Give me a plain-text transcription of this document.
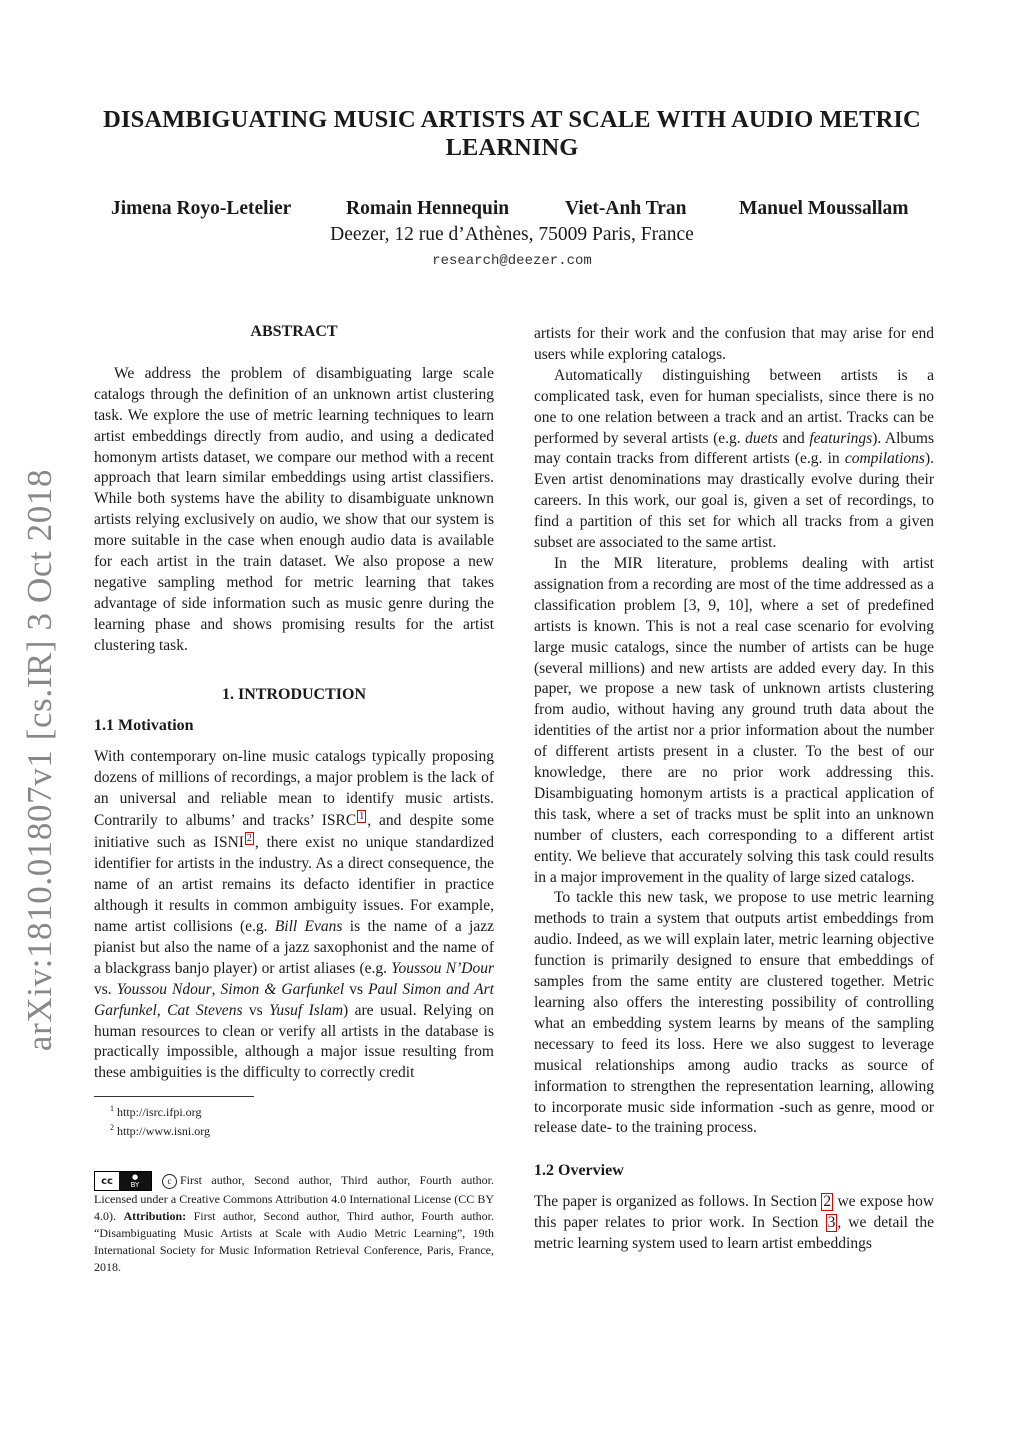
DISAMBIGUATING MUSIC ARTISTS AT SCALE WITH AUDIO METRIC LEARNING
Jimena Royo-Letelier	Romain Hennequin	Viet-Anh Tran	Manuel Moussallam
Deezer, 12 rue d’Athènes, 75009 Paris, France
research@deezer.com
arXiv:1810.01807v1 [cs.IR] 3 Oct 2018
ABSTRACT

We address the problem of disambiguating large scale catalogs through the definition of an unknown artist clustering task. We explore the use of metric learning techniques to learn artist embeddings directly from audio, and using a dedicated homonym artists dataset, we compare our method with a recent approach that learn similar embeddings using artist classifiers. While both systems have the ability to disambiguate unknown artists relying exclusively on audio, we show that our system is more suitable in the case when enough audio data is available for each artist in the train dataset. We also propose a new negative sampling method for metric learning that takes advantage of side information such as music genre during the learning phase and shows promising results for the artist clustering task.

1. INTRODUCTION
1.1 Motivation

With contemporary on-line music catalogs typically proposing dozens of millions of recordings, a major problem is the lack of an universal and reliable mean to identify music artists. Contrarily to albums’ and tracks’ ISRC 1 , and despite some initiative such as ISNI 2 , there exist no unique standardized identifier for artists in the industry. As a direct consequence, the name of an artist remains its defacto identifier in practice although it results in common ambiguity issues. For example, name artist collisions (e.g. Bill Evans is the name of a jazz pianist but also the name of a jazz saxophonist and the name of a blackgrass banjo player) or artist aliases (e.g. Youssou N’Dour vs. Youssou Ndour, Simon & Garfunkel vs Paul Simon and Art Garfunkel, Cat Stevens vs Yusuf Islam) are usual. Relying on human resources to clean or verify all artists in the database is practically impossible, although a major issue resulting from these ambiguities is the difficulty to correctly credit

$^1$ http://isrc.ifpi.org
$^2$ http://www.isni.org
cc	●
BY	c First author, Second author, Third author, Fourth author. Licensed under a Creative Commons Attribution 4.0 International License (CC BY 4.0). Attribution: First author, Second author, Third author, Fourth author. “Disambiguating Music Artists at Scale with Audio Metric Learning”, 19th International Society for Music Information Retrieval Conference, Paris, France, 2018.

artists for their work and the confusion that may arise for end users while exploring catalogs.

Automatically distinguishing between artists is a complicated task, even for human specialists, since there is no one to one relation between a track and an artist. Tracks can be performed by several artists (e.g. duets and featurings). Albums may contain tracks from different artists (e.g. in compilations). Even artist denominations may drastically evolve during their careers. In this work, our goal is, given a set of recordings, to find a partition of this set for which all tracks from a given subset are associated to the same artist.

In the MIR literature, problems dealing with artist assignation from a recording are most of the time addressed as a classification problem [3, 9, 10], where a set of predefined artists is known. This is not a real case scenario for evolving large music catalogs, since the number of artists can be huge (several millions) and new artists are added every day. In this paper, we propose a new task of unknown artists clustering from audio, without having any ground truth data about the identities of the artist nor a prior information about the number of different artists present in a cluster. To the best of our knowledge, there are no prior work addressing this. Disambiguating homonym artists is a practical application of this task, where a set of tracks must be split into an unknown number of clusters, each corresponding to a different artist entity. We believe that accurately solving this task could results in a major improvement in the quality of large sized catalogs.

To tackle this new task, we propose to use metric learning methods to train a system that outputs artist embeddings from audio. Indeed, as we will explain later, metric learning objective function is primarily designed to ensure that embeddings of samples from the same entity are clustered together. Metric learning also offers the interesting possibility of controlling what an embedding system learns by means of the sampling necessary to feed its loss. Here we also suggest to leverage musical relationships among audio tracks as source of information to strengthen the representation learning, allowing to incorporate music side information -such as genre, mood or release date- to the training process.

1.2 Overview

The paper is organized as follows. In Section 2 we expose how this paper relates to prior work. In Section 3 , we detail the metric learning system used to learn artist embeddings
